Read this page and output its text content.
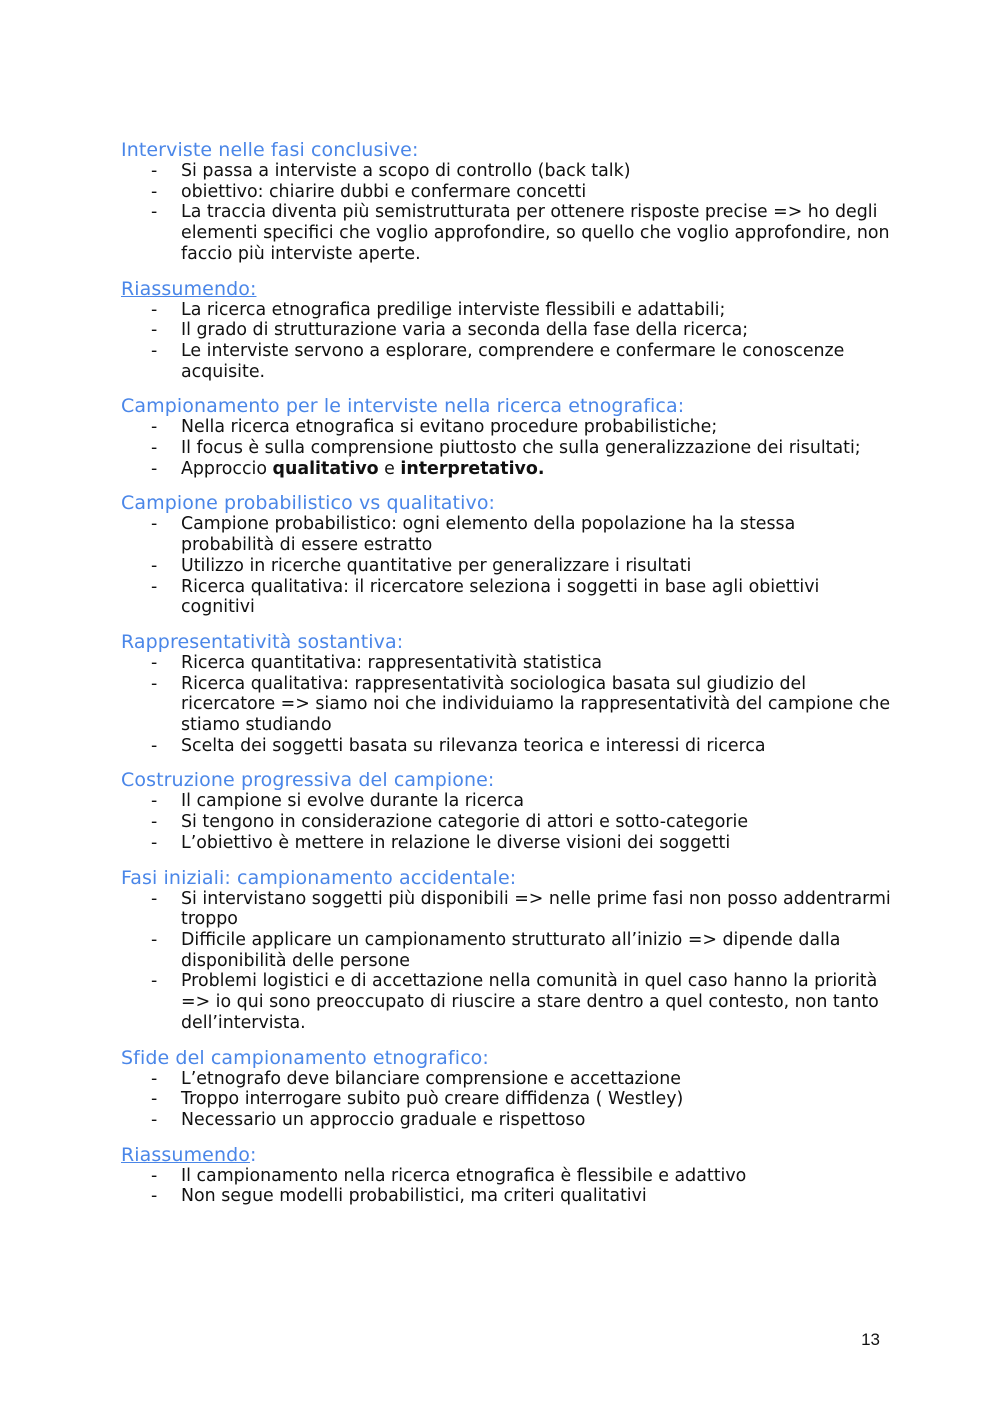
Interviste nelle fasi conclusive:

- Si passa a interviste a scopo di controllo (back talk)
- obiettivo: chiarire dubbi e confermare concetti
- La traccia diventa più semistrutturata per ottenere risposte precise => ho degli elementi specifici che voglio approfondire, so quello che voglio approfondire, non faccio più interviste aperte.

Riassumendo:

- La ricerca etnografica predilige interviste flessibili e adattabili;
- Il grado di strutturazione varia a seconda della fase della ricerca;
- Le interviste servono a esplorare, comprendere e confermare le conoscenze acquisite.

Campionamento per le interviste nella ricerca etnografica:

- Nella ricerca etnografica si evitano procedure probabilistiche;
- Il focus è sulla comprensione piuttosto che sulla generalizzazione dei risultati;
- Approccio qualitativo e interpretativo.

Campione probabilistico vs qualitativo:

- Campione probabilistico: ogni elemento della popolazione ha la stessa probabilità di essere estratto
- Utilizzo in ricerche quantitative per generalizzare i risultati
- Ricerca qualitativa: il ricercatore seleziona i soggetti in base agli obiettivi cognitivi

Rappresentatività sostantiva:

- Ricerca quantitativa: rappresentatività statistica
- Ricerca qualitativa: rappresentatività sociologica basata sul giudizio del ricercatore => siamo noi che individuiamo la rappresentatività del campione che stiamo studiando
- Scelta dei soggetti basata su rilevanza teorica e interessi di ricerca

Costruzione progressiva del campione:

- Il campione si evolve durante la ricerca
- Si tengono in considerazione categorie di attori e sotto-categorie
- L’obiettivo è mettere in relazione le diverse visioni dei soggetti

Fasi iniziali: campionamento accidentale:

- Si intervistano soggetti più disponibili => nelle prime fasi non posso addentrarmi troppo
- Difficile applicare un campionamento strutturato all’inizio => dipende dalla disponibilità delle persone
- Problemi logistici e di accettazione nella comunità in quel caso hanno la priorità => io qui sono preoccupato di riuscire a stare dentro a quel contesto, non tanto dell’intervista.

Sfide del campionamento etnografico:

- L’etnografo deve bilanciare comprensione e accettazione
- Troppo interrogare subito può creare diffidenza ( Westley)
- Necessario un approccio graduale e rispettoso

Riassumendo:

- Il campionamento nella ricerca etnografica è flessibile e adattivo
- Non segue modelli probabilistici, ma criteri qualitativi
13
